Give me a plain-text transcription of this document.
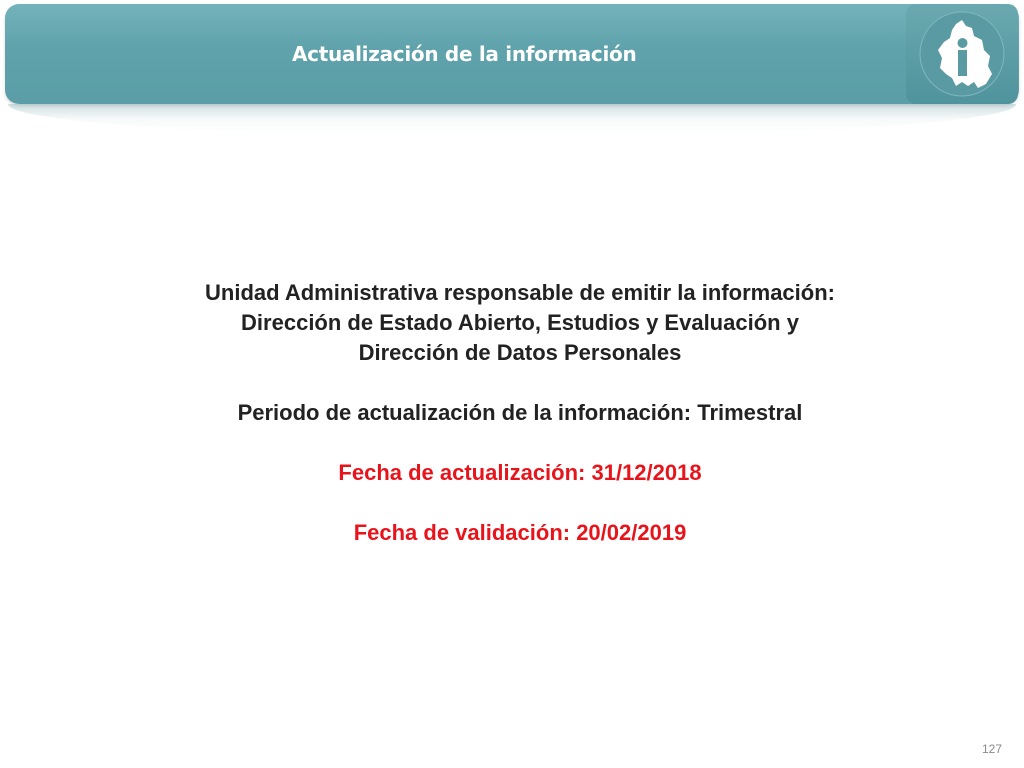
Actualización de la información

Unidad Administrativa responsable de emitir la información: Dirección de Estado Abierto, Estudios y Evaluación y Dirección de Datos Personales

Periodo de actualización de la información: Trimestral

Fecha de actualización: 31/12/2018

Fecha de validación: 20/02/2019

127
